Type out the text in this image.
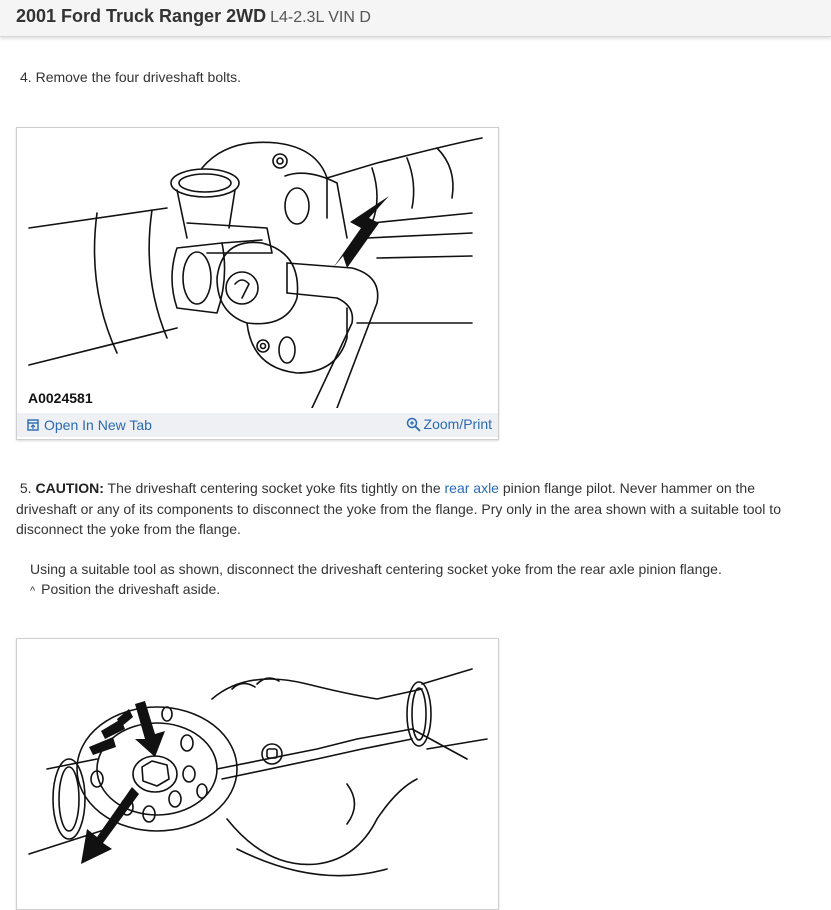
2001 Ford Truck Ranger 2WD L4-2.3L VIN D
4. Remove the four driveshaft bolts.
A0024581
Open In New Tab	Zoom/Print
5. CAUTION: The driveshaft centering socket yoke fits tightly on the rear axle pinion flange pilot. Never hammer on the driveshaft or any of its components to disconnect the yoke from the flange. Pry only in the area shown with a suitable tool to disconnect the yoke from the flange.
Using a suitable tool as shown, disconnect the driveshaft centering socket yoke from the rear axle pinion flange.
^ Position the driveshaft aside.
